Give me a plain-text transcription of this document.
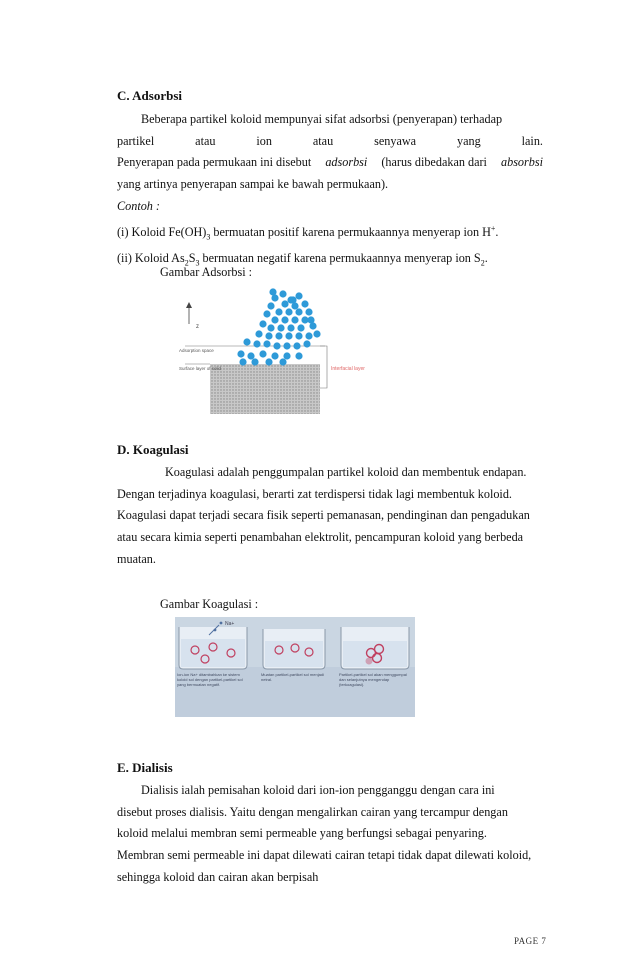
C. Adsorbsi
Beberapa partikel koloid mempunyai sifat adsorbsi (penyerapan) terhadap
partikel	atau	ion	atau	senyawa	yang	lain.
Penyerapan pada permukaan ini disebut adsorbsi (harus dibedakan dari absorbsi
yang artinya penyerapan sampai ke bawah permukaan).
Contoh :
(i) Koloid $Fe(OH)_3$ bermuatan positif karena permukaannya menyerap ion H+.
(ii) Koloid $As_2S_3$ bermuatan negatif karena permukaannya menyerap ion $S_2$.
Gambar Adsorbsi :
z
Adsorption space
Surface layer of solid	Interfacial layer
D. Koagulasi
Koagulasi adalah penggumpalan partikel koloid dan membentuk endapan.
Dengan terjadinya koagulasi, berarti zat terdispersi tidak lagi membentuk koloid.
Koagulasi dapat terjadi secara fisik seperti pemanasan, pendinginan dan pengadukan
atau secara kimia seperti penambahan elektrolit, pencampuran koloid yang berbeda
muatan.
Gambar Koagulasi :
Na+
Ion-ion Na+ ditambahkan ke sistem koloid sol dengan partikel-partikel sol yang bermuatan negatif.
Muatan partikel-partikel sol menjadi netral.
Partikel-partikel sol akan menggumpal dan selanjutnya mengendap (terkoagulasi).
E. Dialisis
Dialisis ialah pemisahan koloid dari ion-ion pengganggu dengan cara ini
disebut proses dialisis. Yaitu dengan mengalirkan cairan yang tercampur dengan
koloid melalui membran semi permeable yang berfungsi sebagai penyaring.
Membran semi permeable ini dapat dilewati cairan tetapi tidak dapat dilewati koloid,
sehingga koloid dan cairan akan berpisah
PAGE 7
